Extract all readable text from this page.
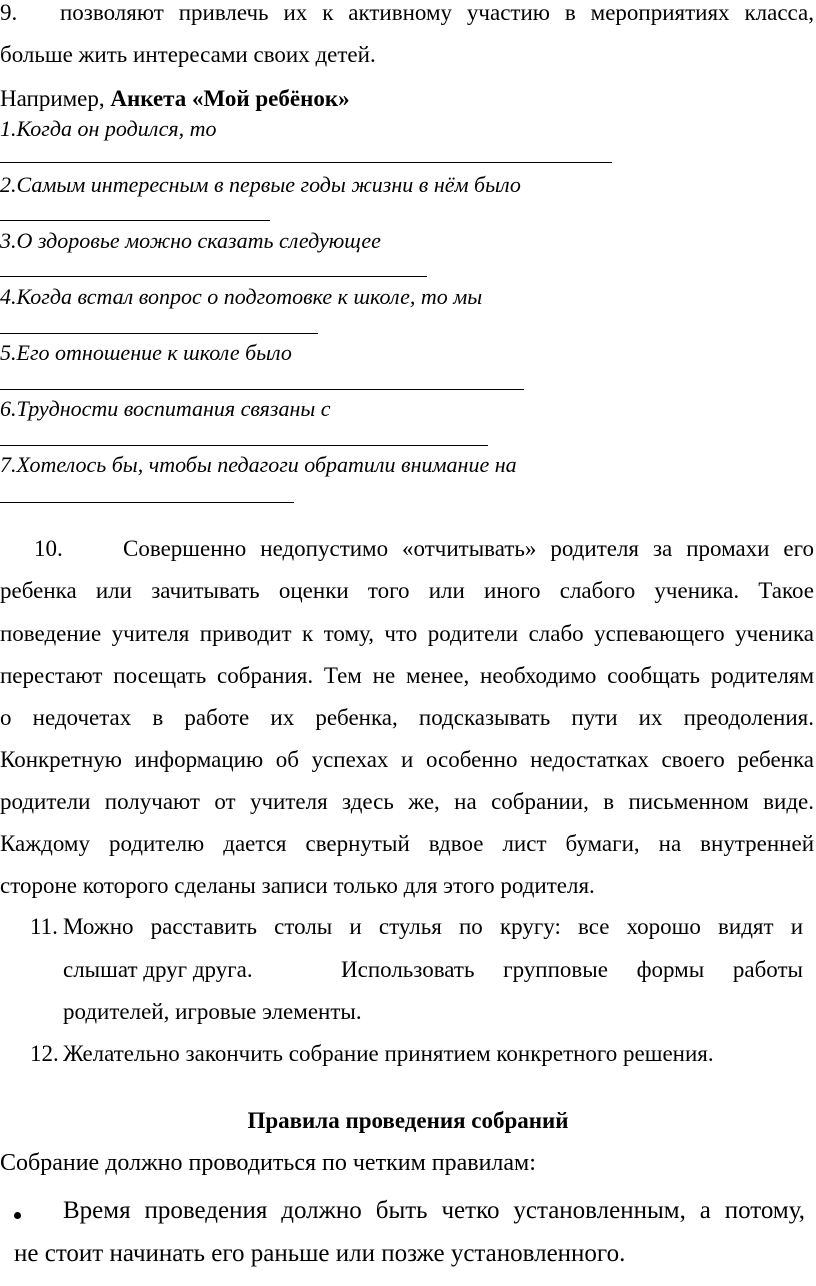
9. позволяют привлечь их к активному участию в мероприятиях класса,
больше жить интересами своих детей.
Например, Анкета «Мой ребёнок»
1.Когда он родился, то
2.Самым интересным в первые годы жизни в нём было
3.О здоровье можно сказать следующее
4.Когда встал вопрос о подготовке к школе, то мы
5.Его отношение к школе было
6.Трудности воспитания связаны с
7.Хотелось бы, чтобы педагоги обратили внимание на
10.	Совершенно недопустимо «отчитывать» родителя за промахи его
ребенка или зачитывать оценки того или иного слабого ученика. Такое
поведение учителя приводит к тому, что родители слабо успевающего ученика
перестают посещать собрания. Тем не менее, необходимо сообщать родителям
о недочетах в работе их ребенка, подсказывать пути их преодоления.
Конкретную информацию об успехах и особенно недостатках своего ребенка
родители получают от учителя здесь же, на собрании, в письменном виде.
Каждому родителю дается свернутый вдвое лист бумаги, на внутренней
стороне которого сделаны записи только для этого родителя.
11. Можно расставить столы и стулья по кругу: все хорошо видят и
слышат друг друга.	Использовать групповые формы работы
родителей, игровые элементы.
12. Желательно закончить собрание принятием конкретного решения.
Правила проведения собраний
Собрание должно проводиться по четким правилам:
Время проведения должно быть четко установленным, а потому,
не стоит начинать его раньше или позже установленного.
